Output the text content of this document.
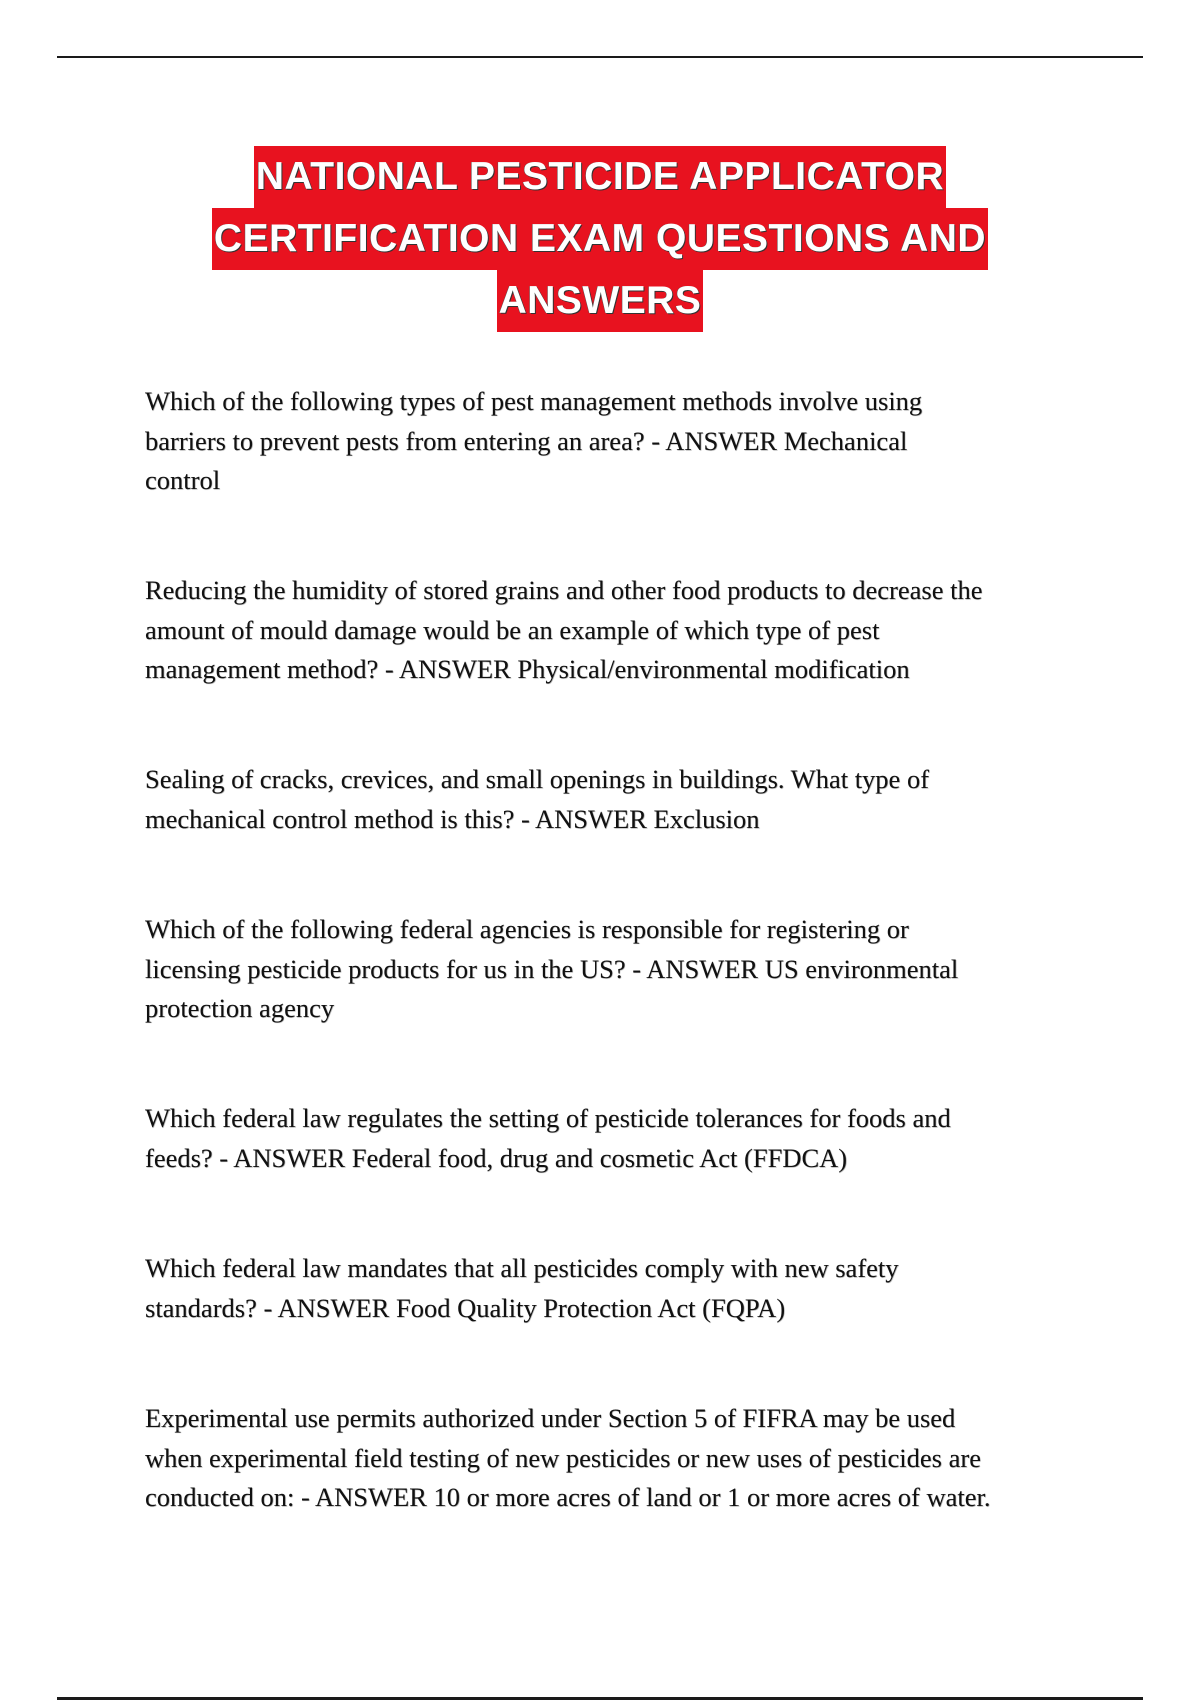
NATIONAL PESTICIDE APPLICATOR
CERTIFICATION EXAM QUESTIONS AND
ANSWERS
Which of the following types of pest management methods involve using
barriers to prevent pests from entering an area? - ANSWER Mechanical
control
Reducing the humidity of stored grains and other food products to decrease the
amount of mould damage would be an example of which type of pest
management method? - ANSWER Physical/environmental modification
Sealing of cracks, crevices, and small openings in buildings. What type of
mechanical control method is this? - ANSWER Exclusion
Which of the following federal agencies is responsible for registering or
licensing pesticide products for us in the US? - ANSWER US environmental
protection agency
Which federal law regulates the setting of pesticide tolerances for foods and
feeds? - ANSWER Federal food, drug and cosmetic Act (FFDCA)
Which federal law mandates that all pesticides comply with new safety
standards? - ANSWER Food Quality Protection Act (FQPA)
Experimental use permits authorized under Section 5 of FIFRA may be used
when experimental field testing of new pesticides or new uses of pesticides are
conducted on: - ANSWER 10 or more acres of land or 1 or more acres of water.
